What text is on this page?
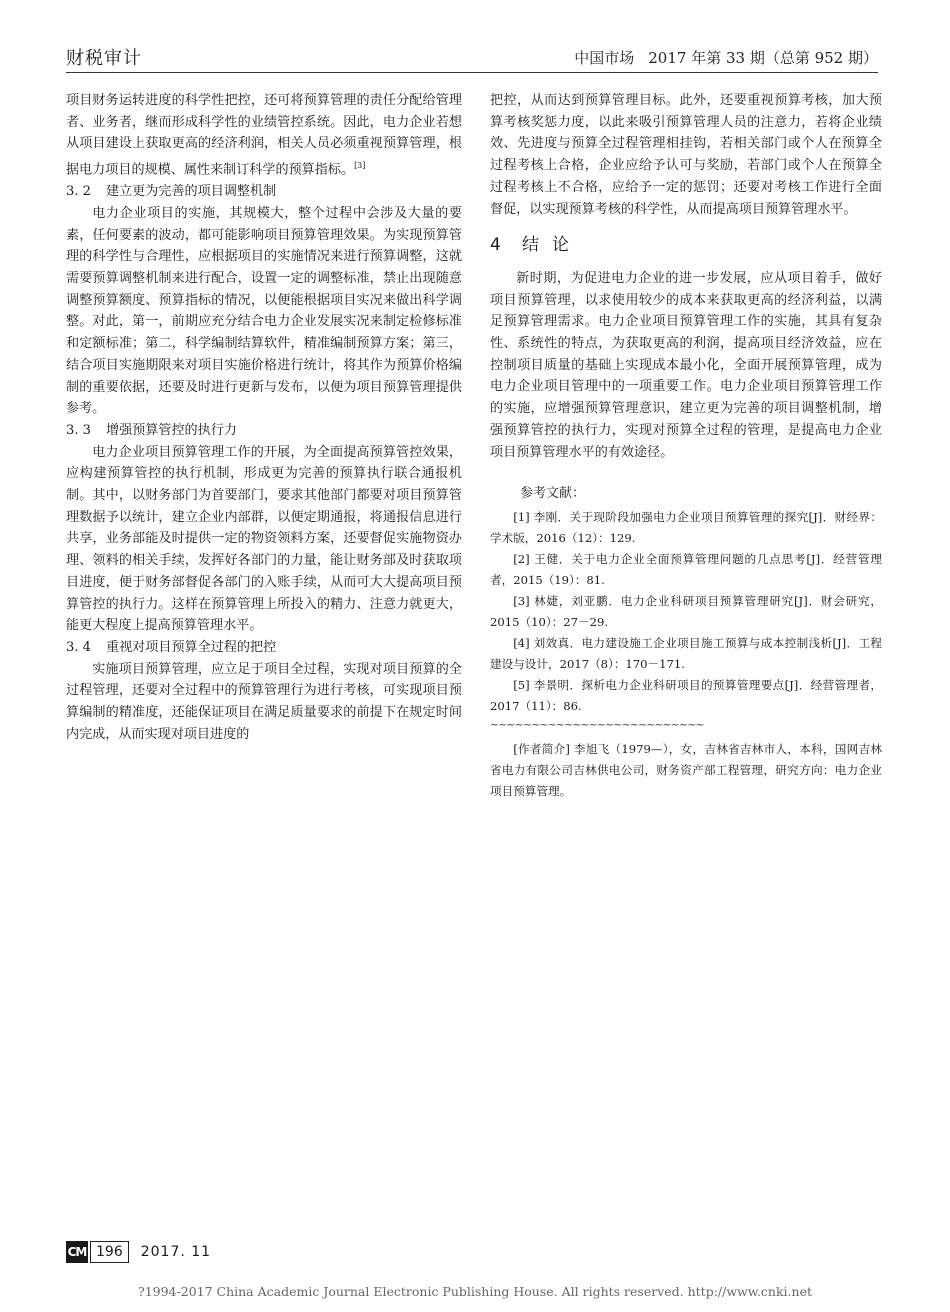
财税审计	中国市场 2017 年第 33 期（总第 952 期）

项目财务运转进度的科学性把控，还可将预算管理的责任分配给管理者、业务者，继而形成科学性的业绩管控系统。因此，电力企业若想从项目建设上获取更高的经济利润，相关人员必须重视预算管理，根据电力项目的规模、属性来制订科学的预算指标。[3]

3. 2 建立更为完善的项目调整机制

电力企业项目的实施，其规模大，整个过程中会涉及大量的要素，任何要素的波动，都可能影响项目预算管理效果。为实现预算管理的科学性与合理性，应根据项目的实施情况来进行预算调整，这就需要预算调整机制来进行配合，设置一定的调整标准，禁止出现随意调整预算额度、预算指标的情况，以便能根据项目实况来做出科学调整。对此，第一，前期应充分结合电力企业发展实况来制定检修标准和定额标准；第二，科学编制结算软件，精准编制预算方案；第三，结合项目实施期限来对项目实施价格进行统计，将其作为预算价格编制的重要依据，还要及时进行更新与发布，以便为项目预算管理提供参考。

3. 3 增强预算管控的执行力

电力企业项目预算管理工作的开展，为全面提高预算管控效果，应构建预算管控的执行机制，形成更为完善的预算执行联合通报机制。其中，以财务部门为首要部门，要求其他部门都要对项目预算管理数据予以统计，建立企业内部群，以便定期通报，将通报信息进行共享，业务部能及时提供一定的物资领料方案，还要督促实施物资办理、领料的相关手续，发挥好各部门的力量，能让财务部及时获取项目进度，便于财务部督促各部门的入账手续，从而可大大提高项目预算管控的执行力。这样在预算管理上所投入的精力、注意力就更大，能更大程度上提高预算管理水平。

3. 4 重视对项目预算全过程的把控

实施项目预算管理，应立足于项目全过程，实现对项目预算的全过程管理，还要对全过程中的预算管理行为进行考核，可实现项目预算编制的精准度，还能保证项目在满足质量要求的前提下在规定时间内完成，从而实现对项目进度的

把控，从而达到预算管理目标。此外，还要重视预算考核，加大预算考核奖惩力度，以此来吸引预算管理人员的注意力，若将企业绩效、先进度与预算全过程管理相挂钩，若相关部门或个人在预算全过程考核上合格，企业应给予认可与奖励，若部门或个人在预算全过程考核上不合格，应给予一定的惩罚；还要对考核工作进行全面督促，以实现预算考核的科学性，从而提高项目预算管理水平。

4 结 论

新时期，为促进电力企业的进一步发展，应从项目着手，做好项目预算管理，以求使用较少的成本来获取更高的经济利益，以满足预算管理需求。电力企业项目预算管理工作的实施，其具有复杂性、系统性的特点，为获取更高的利润，提高项目经济效益，应在控制项目质量的基础上实现成本最小化，全面开展预算管理，成为电力企业项目管理中的一项重要工作。电力企业项目预算管理工作的实施，应增强预算管理意识，建立更为完善的项目调整机制，增强预算管控的执行力，实现对预算全过程的管理，是提高电力企业项目预算管理水平的有效途径。

参考文献：

[1] 李刚．关于现阶段加强电力企业项目预算管理的探究[J]．财经界：学术版，2016（12）：129.

[2] 王健．关于电力企业全面预算管理问题的几点思考[J]．经营管理者，2015（19）：81.

[3] 林婕，刘亚鹏．电力企业科研项目预算管理研究[J]．财会研究，2015（10）：27－29.

[4] 刘效真．电力建设施工企业项目施工预算与成本控制浅析[J]．工程建设与设计，2017（8）：170－171.

[5] 李景明．探析电力企业科研项目的预算管理要点[J]．经营管理者，2017（11）：86.

~~~~~~~~~~~~~~~~~~~~~~~~~~

[作者简介] 李旭飞（1979—），女，吉林省吉林市人，本科，国网吉林省电力有限公司吉林供电公司，财务资产部工程管理，研究方向：电力企业项目预算管理。

CM 196	2017. 11
?1994-2017 China Academic Journal Electronic Publishing House. All rights reserved. http://www.cnki.net
